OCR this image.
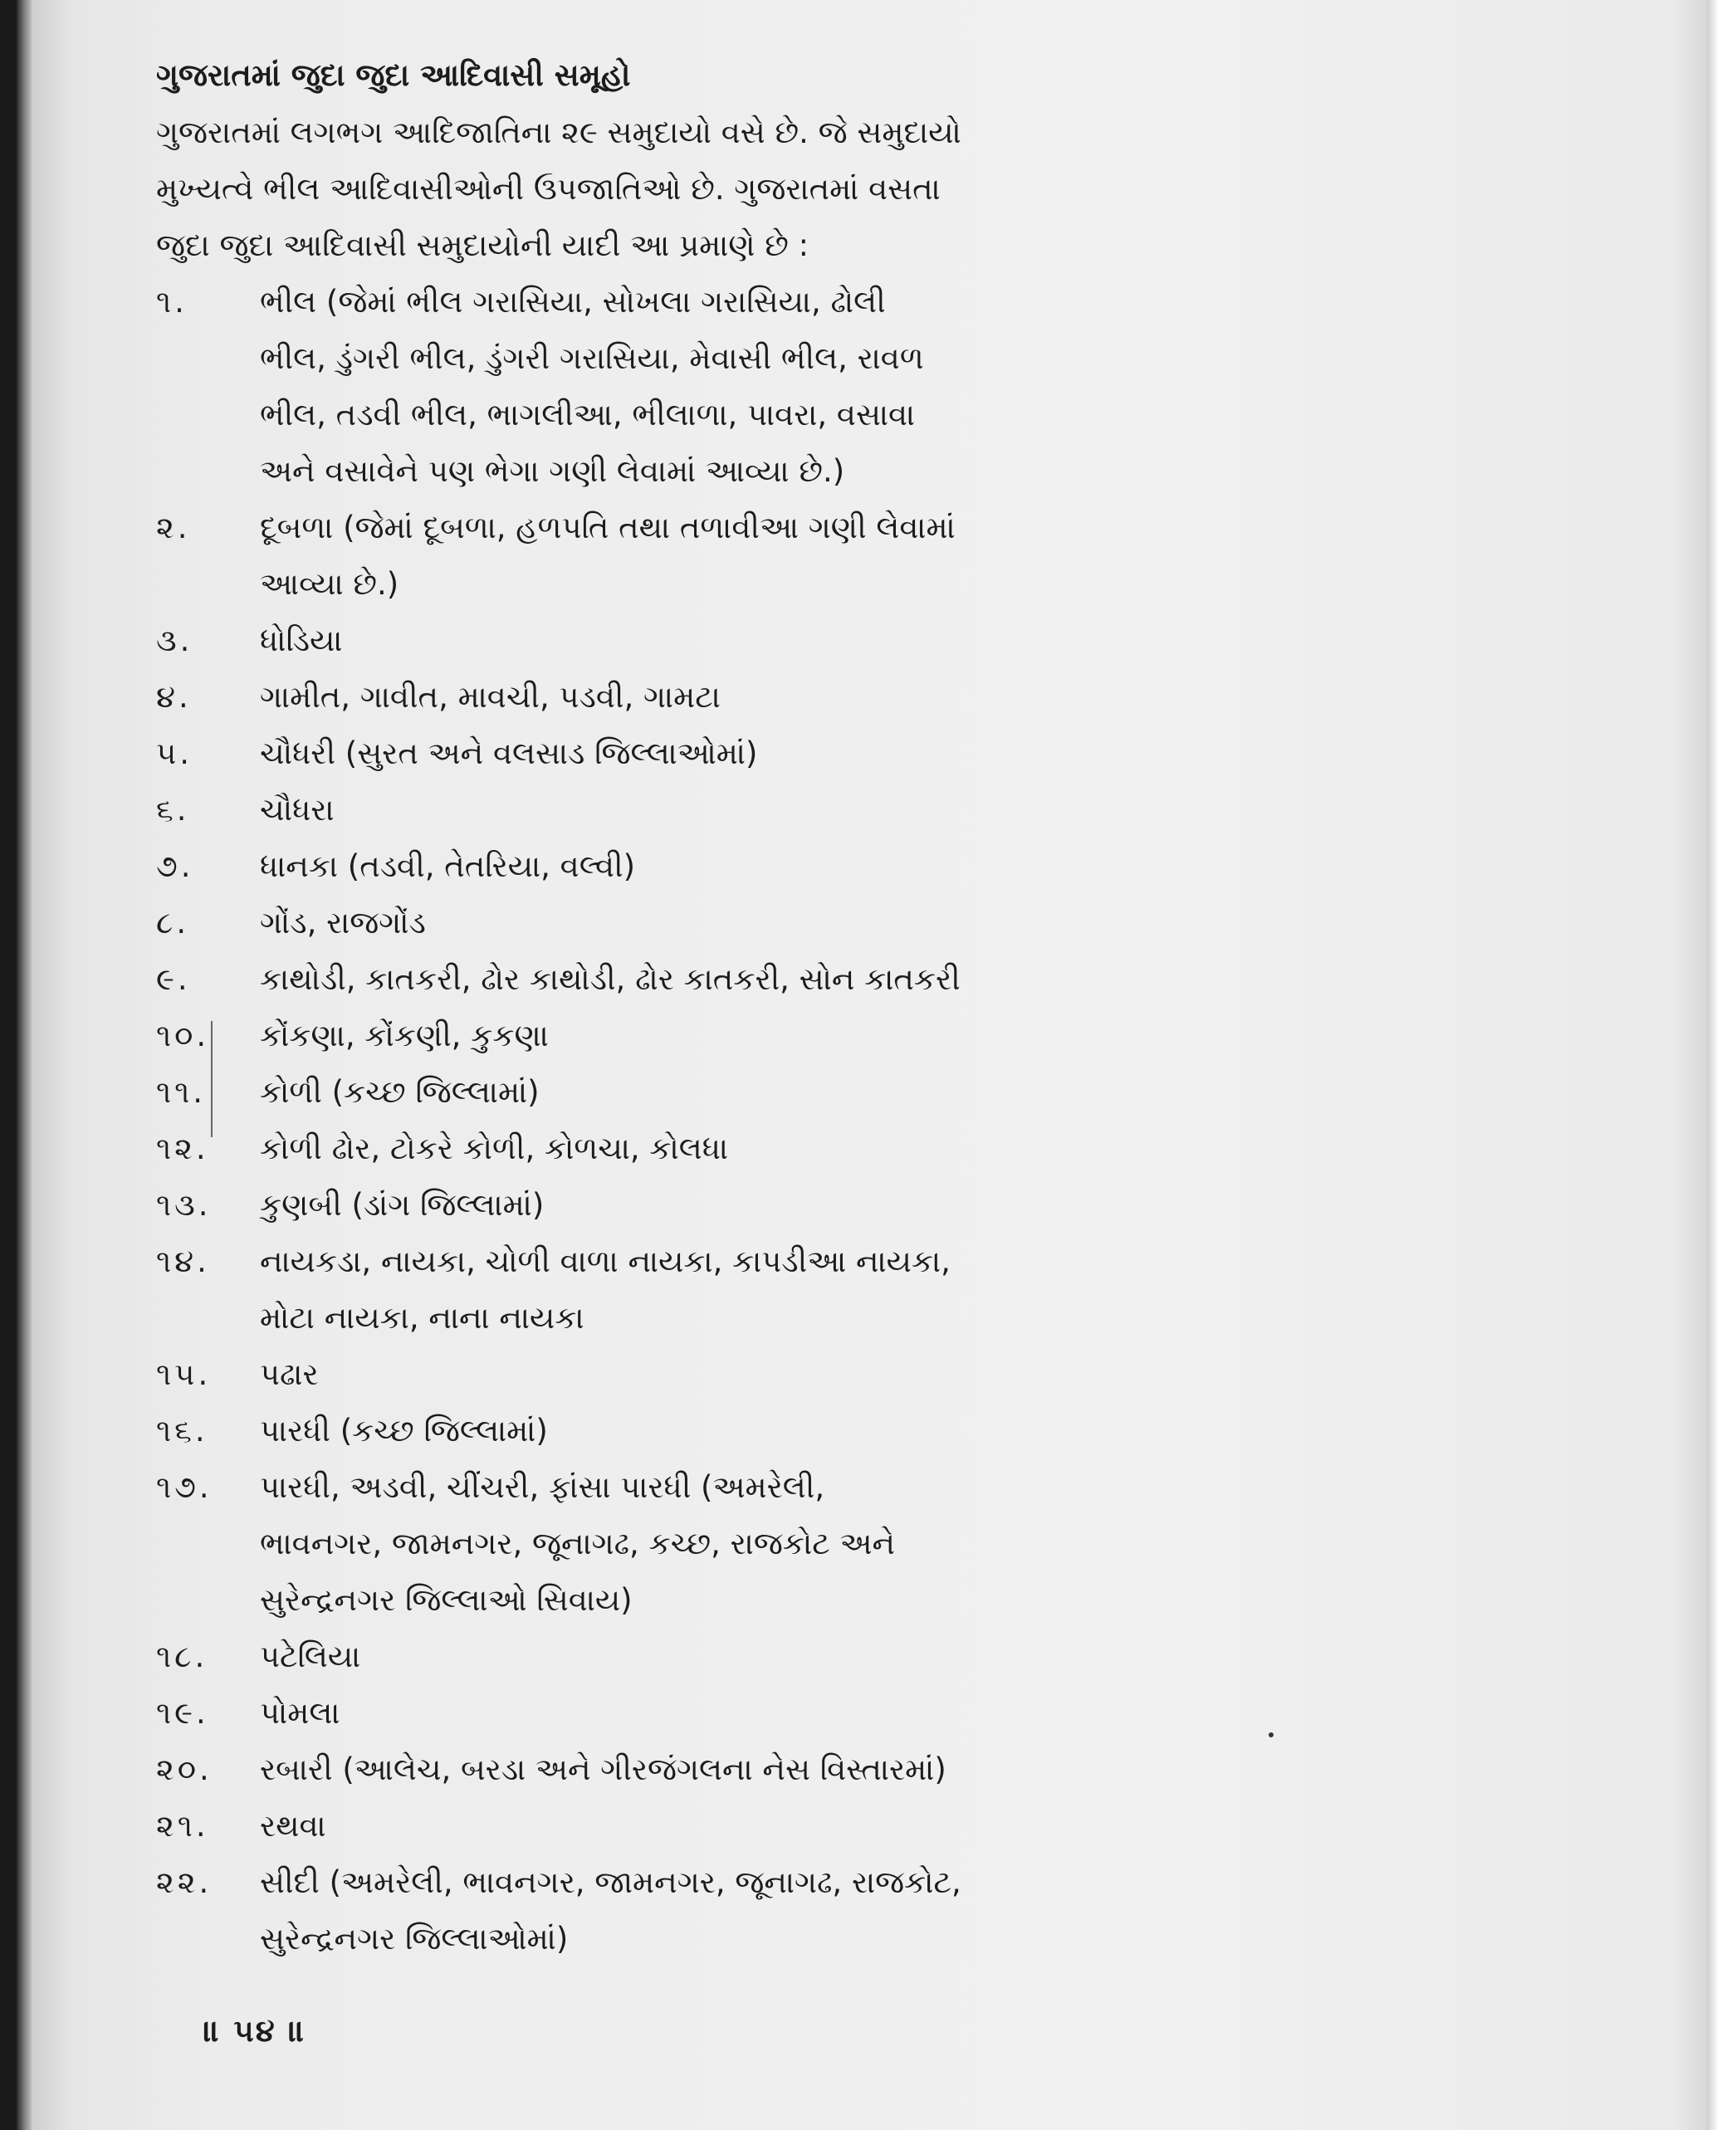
ગુજરાતમાં જુદા જુદા આદિવાસી સમૂહો
ગુજરાતમાં લગભગ આદિજાતિના ૨૯ સમુદાયો વસે છે. જે સમુદાયો
મુખ્યત્વે ભીલ આદિવાસીઓની ઉપજાતિઓ છે. ગુજરાતમાં વસતા
જુદા જુદા આદિવાસી સમુદાયોની યાદી આ પ્રમાણે છે :
૧.	ભીલ (જેમાં ભીલ ગરાસિયા, સોખલા ગરાસિયા, ઢોલી
ભીલ, ડુંગરી ભીલ, ડુંગરી ગરાસિયા, મેવાસી ભીલ, રાવળ
ભીલ, તડવી ભીલ, ભાગલીઆ, ભીલાળા, પાવરા, વસાવા
અને વસાવેને પણ ભેગા ગણી લેવામાં આવ્યા છે.)
૨.	દૂબળા (જેમાં દૂબળા, હળપતિ તથા તળાવીઆ ગણી લેવામાં
આવ્યા છે.)
૩.	ધોડિયા
૪.	ગામીત, ગાવીત, માવચી, પડવી, ગામટા
૫.	ચૌધરી (સુરત અને વલસાડ જિલ્લાઓમાં)
૬.	ચૌધરા
૭.	ધાનકા (તડવી, તેતરિયા, વલ્વી)
૮.	ગોંડ, રાજગોંડ
૯.	કાથોડી, કાતકરી, ઢોર કાથોડી, ઢોર કાતકરી, સોન કાતકરી
૧૦.	કોંકણા, કોંકણી, કુકણા
૧૧.	કોળી (કચ્છ જિલ્લામાં)
૧૨.	કોળી ઢોર, ટોકરે કોળી, કોળચા, કોલધા
૧૩.	કુણબી (ડાંગ જિલ્લામાં)
૧૪.	નાયકડા, નાયકા, ચોળી વાળા નાયકા, કાપડીઆ નાયકા,
મોટા નાયકા, નાના નાયકા
૧૫.	પઢાર
૧૬.	પારધી (કચ્છ જિલ્લામાં)
૧૭.	પારધી, અડવી, ચીંચરી, ફાંસા પારધી (અમરેલી,
ભાવનગર, જામનગર, જૂનાગઢ, કચ્છ, રાજકોટ અને
સુરેન્દ્રનગર જિલ્લાઓ સિવાય)
૧૮.	પટેલિયા
૧૯.	પોમલા
૨૦.	રબારી (આલેચ, બરડા અને ગીરજંગલના નેસ વિસ્તારમાં)
૨૧.	રથવા
૨૨.	સીદી (અમરેલી, ભાવનગર, જામનગર, જૂનાગઢ, રાજકોટ,
સુરેન્દ્રનગર જિલ્લાઓમાં)
॥ ૫૪ ॥
